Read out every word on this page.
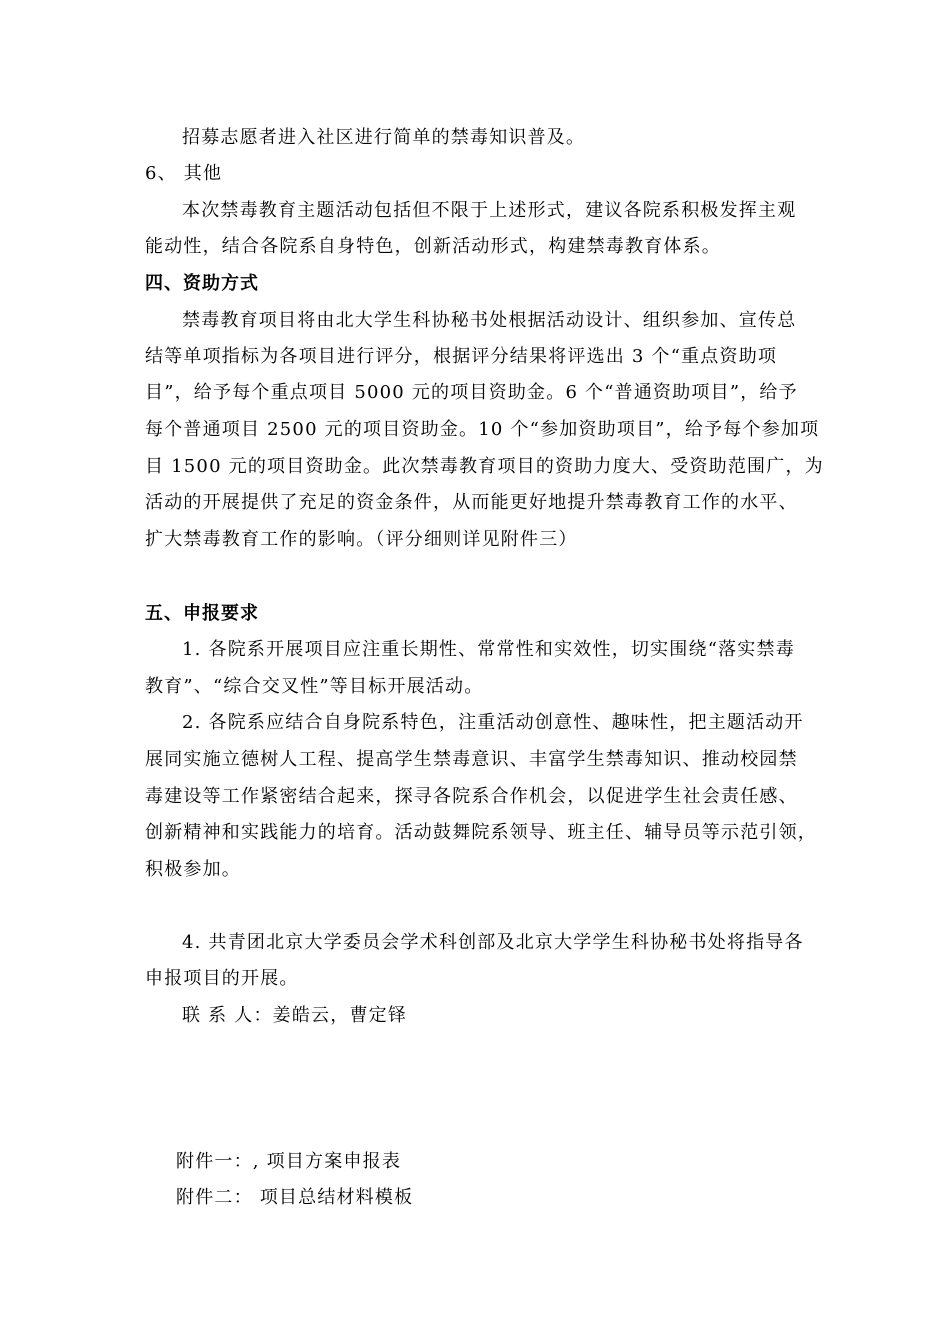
招募志愿者进入社区进行简单的禁毒知识普及。
6、 其他
本次禁毒教育主题活动包括但不限于上述形式，建议各院系积极发挥主观
能动性，结合各院系自身特色，创新活动形式，构建禁毒教育体系。
四、资助方式
禁毒教育项目将由北大学生科协秘书处根据活动设计、组织参加、宣传总
结等单项指标为各项目进行评分，根据评分结果将评选出 3 个“重点资助项
目”，给予每个重点项目 5000 元的项目资助金。6 个“普通资助项目”，给予
每个普通项目 2500 元的项目资助金。10 个“参加资助项目”，给予每个参加项
目 1500 元的项目资助金。此次禁毒教育项目的资助力度大、受资助范围广，为
活动的开展提供了充足的资金条件，从而能更好地提升禁毒教育工作的水平、
扩大禁毒教育工作的影响。（评分细则详见附件三）
五、申报要求
1. 各院系开展项目应注重长期性、常常性和实效性，切实围绕“落实禁毒
教育”、“综合交叉性”等目标开展活动。
2. 各院系应结合自身院系特色，注重活动创意性、趣味性，把主题活动开
展同实施立德树人工程、提高学生禁毒意识、丰富学生禁毒知识、推动校园禁
毒建设等工作紧密结合起来，探寻各院系合作机会，以促进学生社会责任感、
创新精神和实践能力的培育。活动鼓舞院系领导、班主任、辅导员等示范引领，
积极参加。
4. 共青团北京大学委员会学术科创部及北京大学学生科协秘书处将指导各
申报项目的开展。
联 系 人：姜皓云，曹定铎
附件一：, 项目方案申报表
附件二： 项目总结材料模板
